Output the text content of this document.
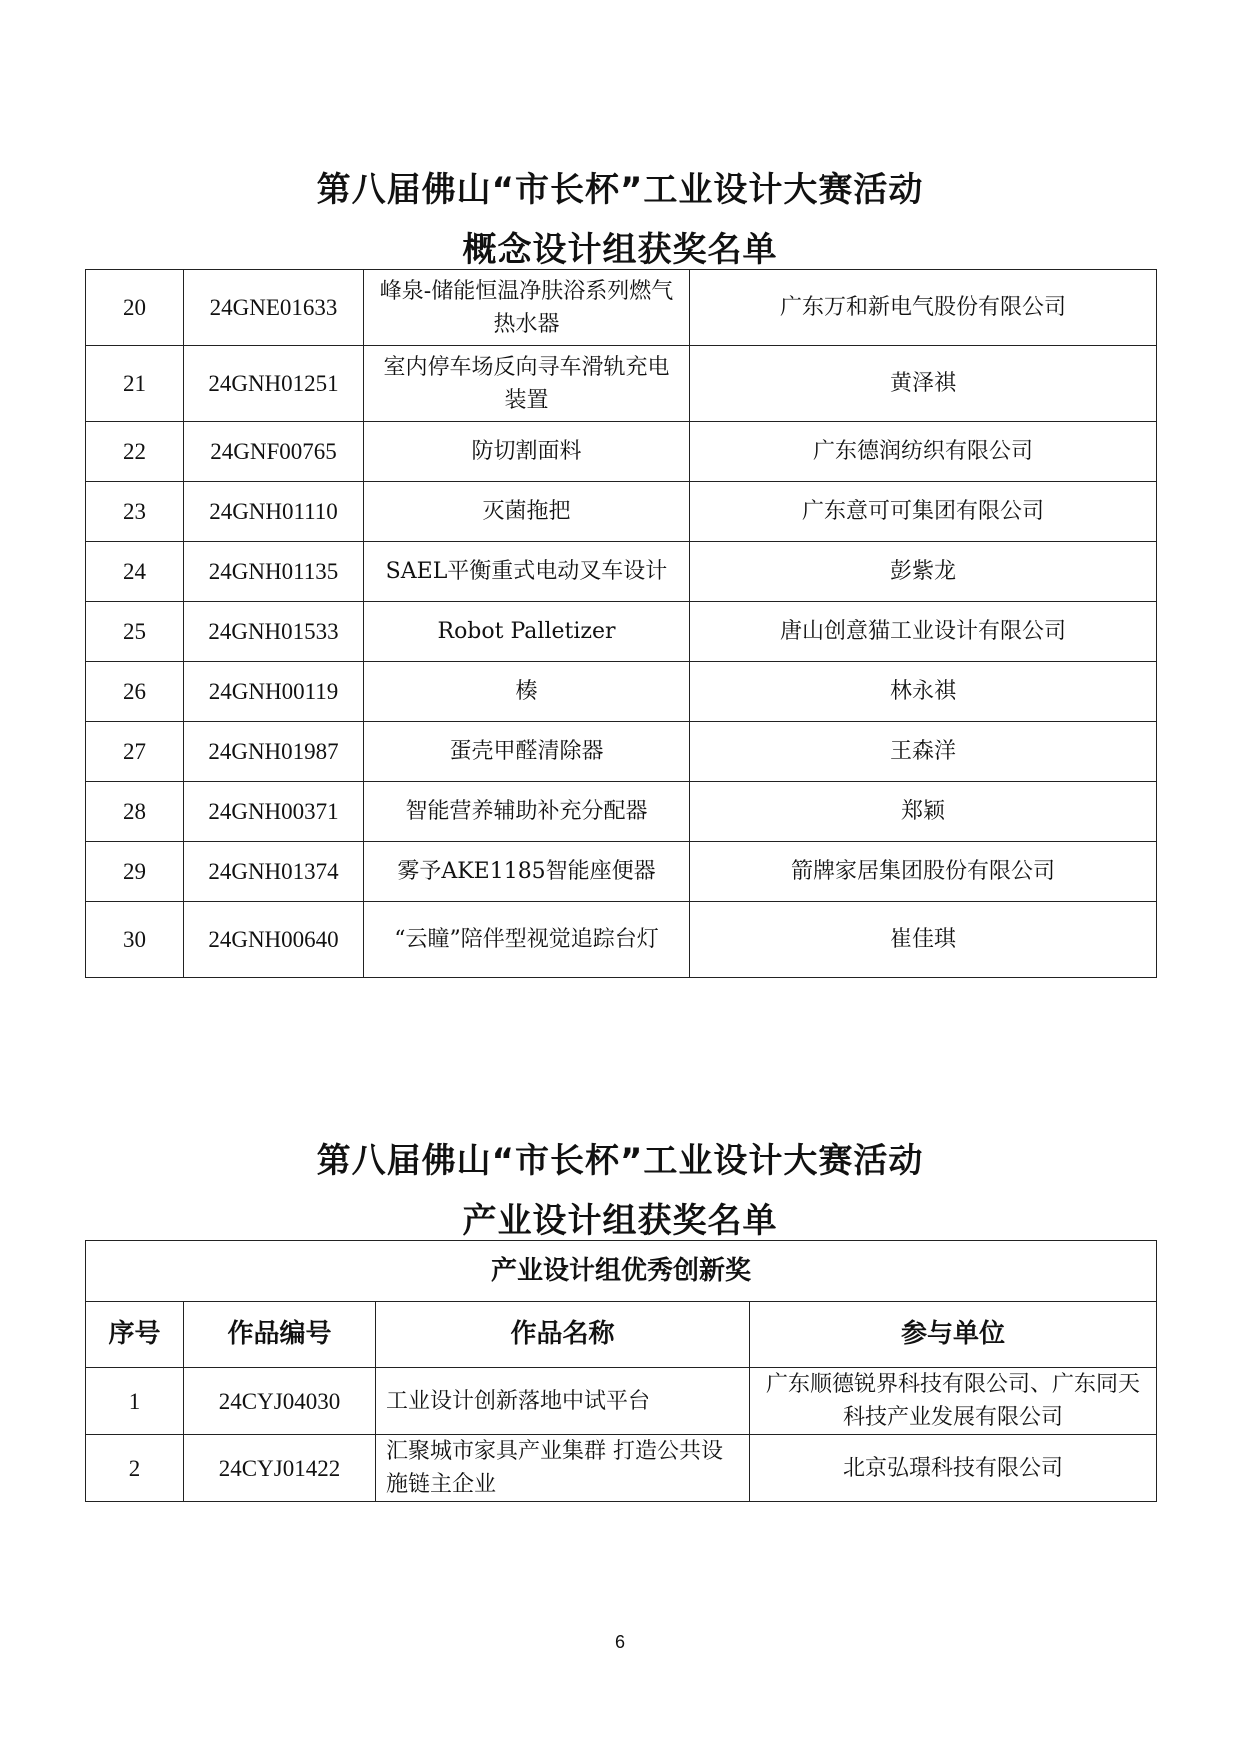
第八届佛山“市长杯”工业设计大赛活动
概念设计组获奖名单
20	24GNE01633	峰泉-储能恒温净肤浴系列燃气热水器	广东万和新电气股份有限公司
21	24GNH01251	室内停车场反向寻车滑轨充电装置	黄泽祺
22	24GNF00765	防切割面料	广东德润纺织有限公司
23	24GNH01110	灭菌拖把	广东意可可集团有限公司
24	24GNH01135	SAEL平衡重式电动叉车设计	彭紫龙
25	24GNH01533	Robot Palletizer	唐山创意猫工业设计有限公司
26	24GNH00119	楱	林永祺
27	24GNH01987	蛋壳甲醛清除器	王森洋
28	24GNH00371	智能营养辅助补充分配器	郑颖
29	24GNH01374	雾予AKE1185智能座便器	箭牌家居集团股份有限公司
30	24GNH00640	“云瞳”陪伴型视觉追踪台灯	崔佳琪
第八届佛山“市长杯”工业设计大赛活动
产业设计组获奖名单
产业设计组优秀创新奖			
序号	作品编号	作品名称	参与单位
1	24CYJ04030	工业设计创新落地中试平台	广东顺德锐界科技有限公司、广东同天科技产业发展有限公司
2	24CYJ01422	汇聚城市家具产业集群 打造公共设施链主企业	北京弘璟科技有限公司
6
